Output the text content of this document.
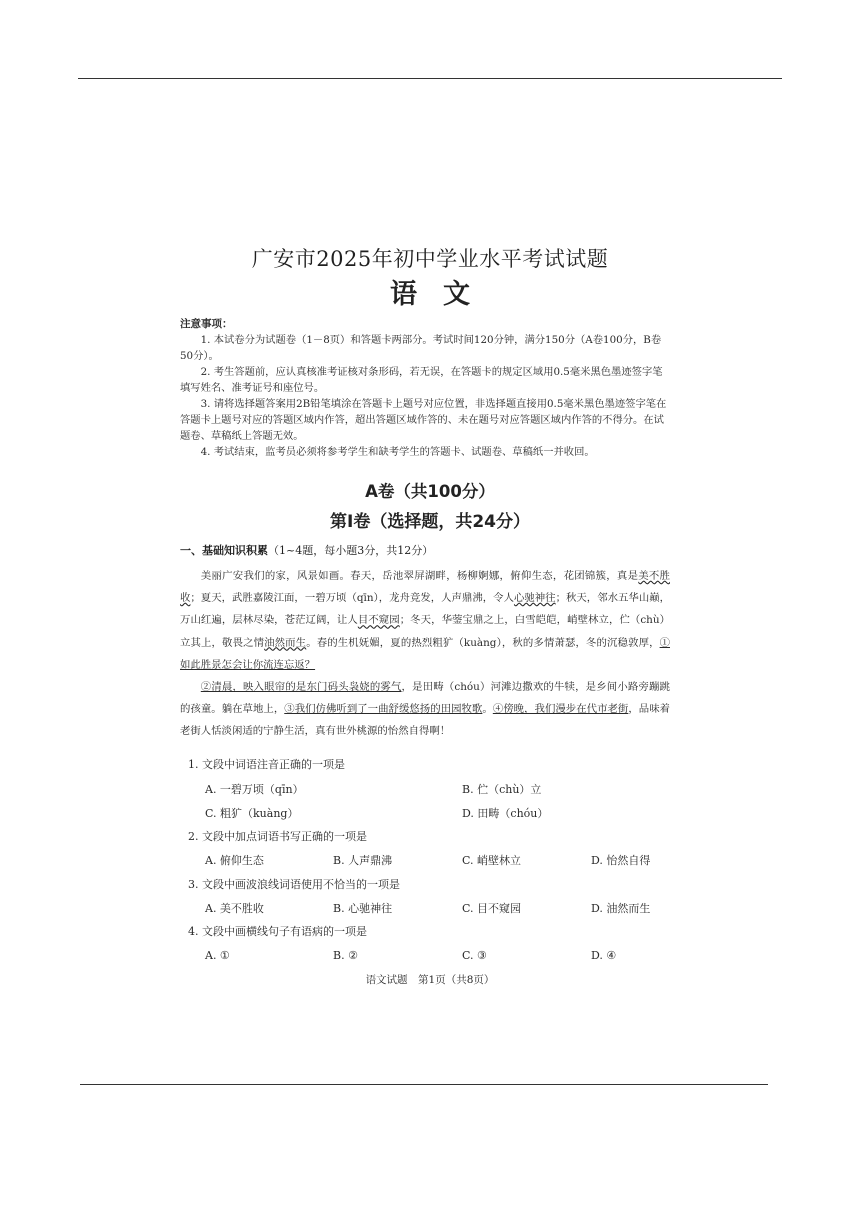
广安市2025年初中学业水平考试试题
语文
注意事项：

1. 本试卷分为试题卷（1－8页）和答题卡两部分。考试时间120分钟，满分150分（A卷100分，B卷50分）。

2. 考生答题前，应认真核准考证核对条形码，若无误，在答题卡的规定区域用0.5毫米黑色墨迹签字笔填写姓名、准考证号和座位号。

3. 请将选择题答案用2B铅笔填涂在答题卡上题号对应位置，非选择题直接用0.5毫米黑色墨迹签字笔在答题卡上题号对应的答题区域内作答，超出答题区域作答的、未在题号对应答题区域内作答的不得分。在试题卷、草稿纸上答题无效。

4. 考试结束，监考员必须将参考学生和缺考学生的答题卡、试题卷、草稿纸一并收回。

A卷（共100分）
第Ⅰ卷（选择题，共24分）
一、基础知识积累（1~4题，每小题3分，共12分）

美丽广安我们的家，风景如画。春天，岳池翠屏湖畔，杨柳婀娜，俯仰生态，花团锦簇，真是美不胜收；夏天，武胜嘉陵江面，一碧万顷（qīn），龙舟竞发，人声鼎沸，令人心驰神往；秋天，邻水五华山巅，万山红遍，层林尽染，苍茫辽阔，让人目不窥园；冬天，华蓥宝鼎之上，白雪皑皑，峭壁林立，伫（chù）立其上，敬畏之情油然而生。春的生机妩媚，夏的热烈粗犷（kuàng），秋的多情萧瑟，冬的沉稳敦厚，①如此胜景怎会让你流连忘返？

②清晨，映入眼帘的是东门码头袅娆的雾气，是田畴（chóu）河滩边撒欢的牛犊，是乡间小路旁蹦跳的孩童。躺在草地上，③我们仿佛听到了一曲舒缓悠扬的田园牧歌。④傍晚，我们漫步在代市老街，品味着老街人恬淡闲适的宁静生活，真有世外桃源的怡然自得啊！

1. 文段中词语注音正确的一项是
A. 一碧万顷（qīn）	B. 伫（chù）立
C. 粗犷（kuàng）	D. 田畴（chóu）
2. 文段中加点词语书写正确的一项是
A. 俯仰生态	B. 人声鼎沸	C. 峭壁林立	D. 怡然自得
3. 文段中画波浪线词语使用不恰当的一项是
A. 美不胜收	B. 心驰神往	C. 目不窥园	D. 油然而生
4. 文段中画横线句子有语病的一项是
A. ①	B. ②	C. ③	D. ④
语文试题　第1页（共8页）
